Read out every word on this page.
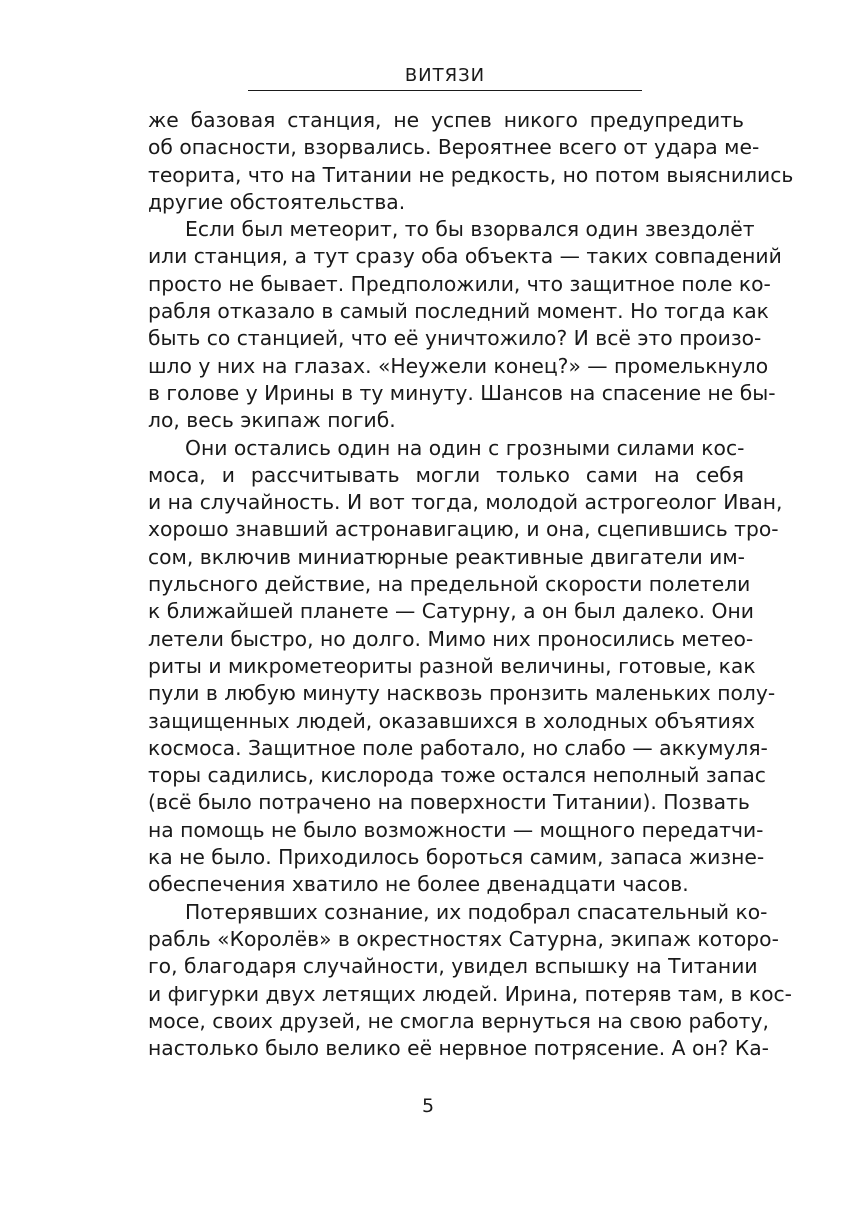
ВИТЯЗИ
же базовая станция, не успев никого предупредить
об опасности, взорвались. Вероятнее всего от удара ме-
теорита, что на Титании не редкость, но потом выяснились
другие обстоятельства.
Если был метеорит, то бы взорвался один звездолёт
или станция, а тут сразу оба объекта — таких совпадений
просто не бывает. Предположили, что защитное поле ко-
рабля отказало в самый последний момент. Но тогда как
быть со станцией, что её уничтожило? И всё это произо-
шло у них на глазах. «Неужели конец?» — промелькнуло
в голове у Ирины в ту минуту. Шансов на спасение не бы-
ло, весь экипаж погиб.
Они остались один на один с грозными силами кос-
моса, и рассчитывать могли только сами на себя
и на случайность. И вот тогда, молодой астрогеолог Иван,
хорошо знавший астронавигацию, и она, сцепившись тро-
сом, включив миниатюрные реактивные двигатели им-
пульсного действие, на предельной скорости полетели
к ближайшей планете — Сатурну, а он был далеко. Они
летели быстро, но долго. Мимо них проносились метео-
риты и микрометеориты разной величины, готовые, как
пули в любую минуту насквозь пронзить маленьких полу-
защищенных людей, оказавшихся в холодных объятиях
космоса. Защитное поле работало, но слабо — аккумуля-
торы садились, кислорода тоже остался неполный запас
(всё было потрачено на поверхности Титании). Позвать
на помощь не было возможности — мощного передатчи-
ка не было. Приходилось бороться самим, запаса жизне-
обеспечения хватило не более двенадцати часов.
Потерявших сознание, их подобрал спасательный ко-
рабль «Королёв» в окрестностях Сатурна, экипаж которо-
го, благодаря случайности, увидел вспышку на Титании
и фигурки двух летящих людей. Ирина, потеряв там, в кос-
мосе, своих друзей, не смогла вернуться на свою работу,
настолько было велико её нервное потрясение. А он? Ка-
5
